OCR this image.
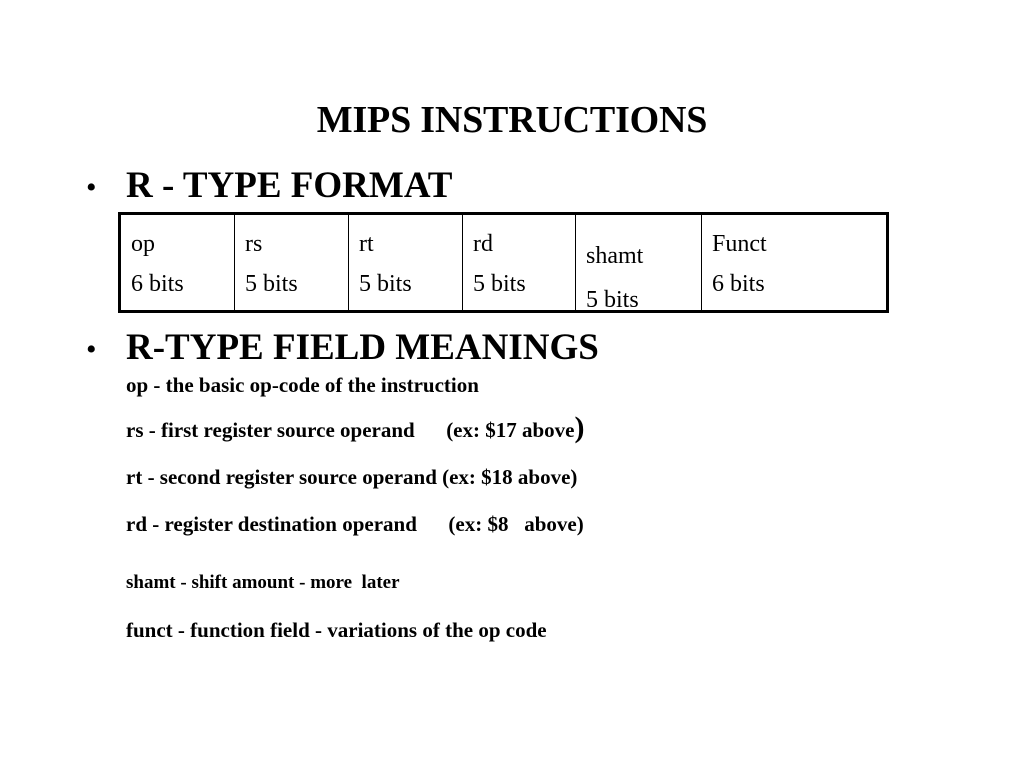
MIPS INSTRUCTIONS
• R - TYPE FORMAT
op
6 bits
rs
5 bits
rt
5 bits
rd
5 bits
shamt
5 bits
Funct
6 bits
• R-TYPE FIELD MEANINGS
op - the basic op-code of the instruction
rs - first register source operand      (ex: $17 above)
rt - second register source operand (ex: $18 above)
rd - register destination operand      (ex: $8   above)
shamt - shift amount - more  later
funct - function field - variations of the op code
